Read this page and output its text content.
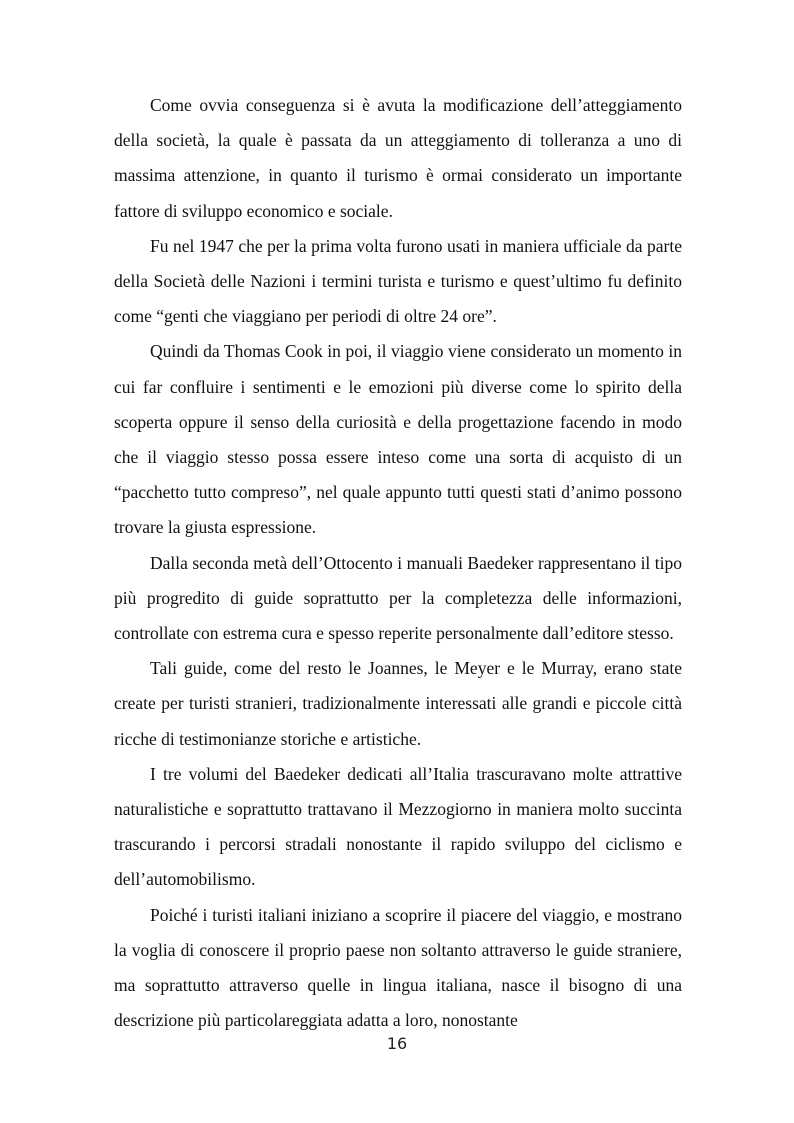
Come ovvia conseguenza si è avuta la modificazione dell’atteggiamento della società, la quale è passata da un atteggiamento di tolleranza a uno di massima attenzione, in quanto il turismo è ormai considerato un importante fattore di sviluppo economico e sociale.

Fu nel 1947 che per la prima volta furono usati in maniera ufficiale da parte della Società delle Nazioni i termini turista e turismo e quest’ultimo fu definito come “genti che viaggiano per periodi di oltre 24 ore”.

Quindi da Thomas Cook in poi, il viaggio viene considerato un momento in cui far confluire i sentimenti e le emozioni più diverse come lo spirito della scoperta oppure il senso della curiosità e della progettazione facendo in modo che il viaggio stesso possa essere inteso come una sorta di acquisto di un “pacchetto tutto compreso”, nel quale appunto tutti questi stati d’animo possono trovare la giusta espressione.

Dalla seconda metà dell’Ottocento i manuali Baedeker rappresentano il tipo più progredito di guide soprattutto per la completezza delle informazioni, controllate con estrema cura e spesso reperite personalmente dall’editore stesso.

Tali guide, come del resto le Joannes, le Meyer e le Murray, erano state create per turisti stranieri, tradizionalmente interessati alle grandi e piccole città ricche di testimonianze storiche e artistiche.

I tre volumi del Baedeker dedicati all’Italia trascuravano molte attrattive naturalistiche e soprattutto trattavano il Mezzogiorno in maniera molto succinta trascurando i percorsi stradali nonostante il rapido sviluppo del ciclismo e dell’automobilismo.

Poiché i turisti italiani iniziano a scoprire il piacere del viaggio, e mostrano la voglia di conoscere il proprio paese non soltanto attraverso le guide straniere, ma soprattutto attraverso quelle in lingua italiana, nasce il bisogno di una descrizione più particolareggiata adatta a loro, nonostante

16
